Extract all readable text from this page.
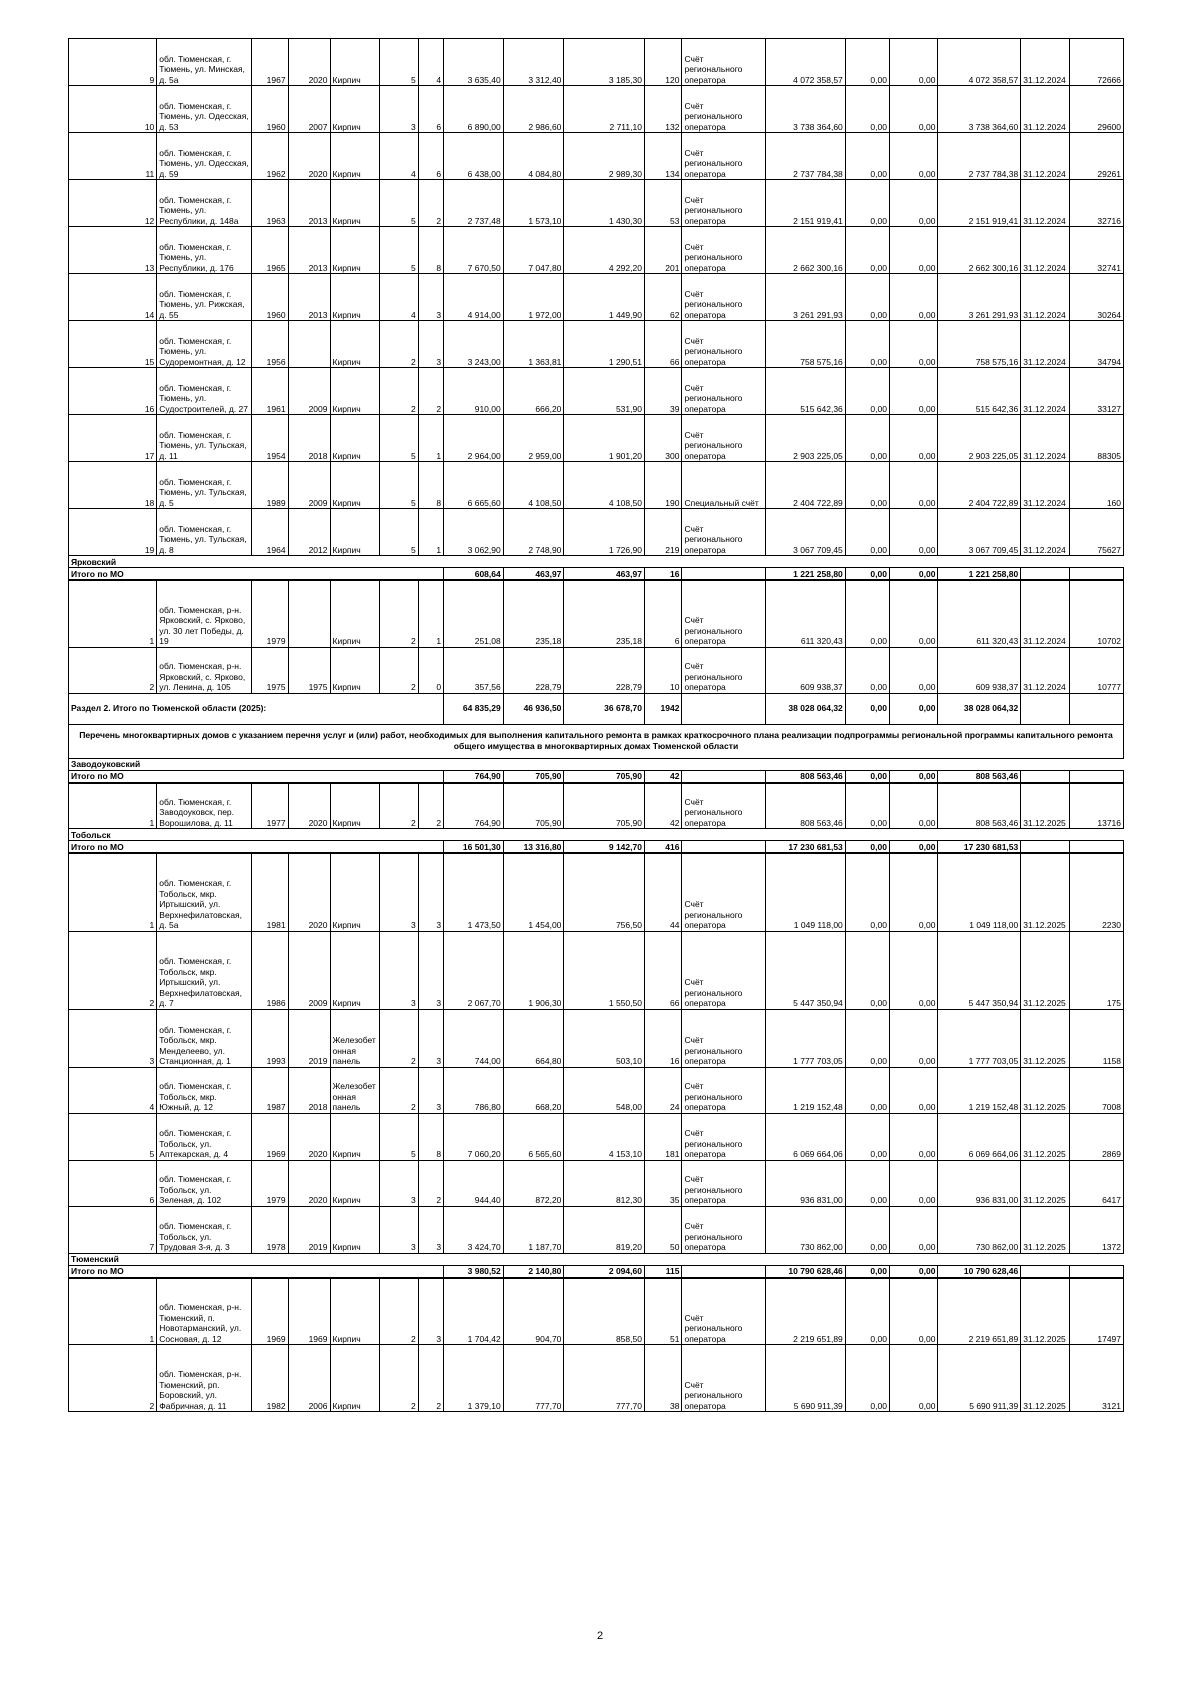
9	обл. Тюменская, г. Тюмень, ул. Минская, д. 5а	1967	2020	Кирпич	5	4	3 635,40	3 312,40	3 185,30	120	Счёт регионального оператора	4 072 358,57	0,00	0,00	4 072 358,57	31.12.2024	72666
10	обл. Тюменская, г. Тюмень, ул. Одесская, д. 53	1960	2007	Кирпич	3	6	6 890,00	2 986,60	2 711,10	132	Счёт регионального оператора	3 738 364,60	0,00	0,00	3 738 364,60	31.12.2024	29600
11	обл. Тюменская, г. Тюмень, ул. Одесская, д. 59	1962	2020	Кирпич	4	6	6 438,00	4 084,80	2 989,30	134	Счёт регионального оператора	2 737 784,38	0,00	0,00	2 737 784,38	31.12.2024	29261
12	обл. Тюменская, г. Тюмень, ул. Республики, д. 148а	1963	2013	Кирпич	5	2	2 737,48	1 573,10	1 430,30	53	Счёт регионального оператора	2 151 919,41	0,00	0,00	2 151 919,41	31.12.2024	32716
13	обл. Тюменская, г. Тюмень, ул. Республики, д. 176	1965	2013	Кирпич	5	8	7 670,50	7 047,80	4 292,20	201	Счёт регионального оператора	2 662 300,16	0,00	0,00	2 662 300,16	31.12.2024	32741
14	обл. Тюменская, г. Тюмень, ул. Рижская, д. 55	1960	2013	Кирпич	4	3	4 914,00	1 972,00	1 449,90	62	Счёт регионального оператора	3 261 291,93	0,00	0,00	3 261 291,93	31.12.2024	30264
15	обл. Тюменская, г. Тюмень, ул. Судоремонтная, д. 12	1956		Кирпич	2	3	3 243,00	1 363,81	1 290,51	66	Счёт регионального оператора	758 575,16	0,00	0,00	758 575,16	31.12.2024	34794
16	обл. Тюменская, г. Тюмень, ул. Судостроителей, д. 27	1961	2009	Кирпич	2	2	910,00	666,20	531,90	39	Счёт регионального оператора	515 642,36	0,00	0,00	515 642,36	31.12.2024	33127
17	обл. Тюменская, г. Тюмень, ул. Тульская, д. 11	1954	2018	Кирпич	5	1	2 964,00	2 959,00	1 901,20	300	Счёт регионального оператора	2 903 225,05	0,00	0,00	2 903 225,05	31.12.2024	88305
18	обл. Тюменская, г. Тюмень, ул. Тульская, д. 5	1989	2009	Кирпич	5	8	6 665,60	4 108,50	4 108,50	190	Специальный счёт	2 404 722,89	0,00	0,00	2 404 722,89	31.12.2024	160
19	обл. Тюменская, г. Тюмень, ул. Тульская, д. 8	1964	2012	Кирпич	5	1	3 062,90	2 748,90	1 726,90	219	Счёт регионального оператора	3 067 709,45	0,00	0,00	3 067 709,45	31.12.2024	75627
Ярковский																	
Итого по МО							608,64	463,97	463,97	16		1 221 258,80	0,00	0,00	1 221 258,80		
1	обл. Тюменская, р-н. Ярковский, с. Ярково, ул. 30 лет Победы, д. 19	1979		Кирпич	2	1	251,08	235,18	235,18	6	Счёт регионального оператора	611 320,43	0,00	0,00	611 320,43	31.12.2024	10702
2	обл. Тюменская, р-н. Ярковский, с. Ярково, ул. Ленина, д. 105	1975	1975	Кирпич	2	0	357,56	228,79	228,79	10	Счёт регионального оператора	609 938,37	0,00	0,00	609 938,37	31.12.2024	10777
Раздел 2. Итого по Тюменской области (2025):							64 835,29	46 936,50	36 678,70	1942		38 028 064,32	0,00	0,00	38 028 064,32		
Перечень многоквартирных домов с указанием перечня услуг и (или) работ, необходимых для выполнения капитального ремонта в рамках краткосрочного плана реализации подпрограммы региональной программы капитального ремонта общего имущества в многоквартирных домах Тюменской области																	
Заводоуковский																	
Итого по МО							764,90	705,90	705,90	42		808 563,46	0,00	0,00	808 563,46		
1	обл. Тюменская, г. Заводоуковск, пер. Ворошилова, д. 11	1977	2020	Кирпич	2	2	764,90	705,90	705,90	42	Счёт регионального оператора	808 563,46	0,00	0,00	808 563,46	31.12.2025	13716
Тобольск																	
Итого по МО							16 501,30	13 316,80	9 142,70	416		17 230 681,53	0,00	0,00	17 230 681,53		
1	обл. Тюменская, г. Тобольск, мкр. Иртышский, ул. Верхнефилатовская, д. 5а	1981	2020	Кирпич	3	3	1 473,50	1 454,00	756,50	44	Счёт регионального оператора	1 049 118,00	0,00	0,00	1 049 118,00	31.12.2025	2230
2	обл. Тюменская, г. Тобольск, мкр. Иртышский, ул. Верхнефилатовская, д. 7	1986	2009	Кирпич	3	3	2 067,70	1 906,30	1 550,50	66	Счёт регионального оператора	5 447 350,94	0,00	0,00	5 447 350,94	31.12.2025	175
3	обл. Тюменская, г. Тобольск, мкр. Менделеево, ул. Станционная, д. 1	1993	2019	Железобетонная панель	2	3	744,00	664,80	503,10	16	Счёт регионального оператора	1 777 703,05	0,00	0,00	1 777 703,05	31.12.2025	1158
4	обл. Тюменская, г. Тобольск, мкр. Южный, д. 12	1987	2018	Железобетонная панель	2	3	786,80	668,20	548,00	24	Счёт регионального оператора	1 219 152,48	0,00	0,00	1 219 152,48	31.12.2025	7008
5	обл. Тюменская, г. Тобольск, ул. Аптекарская, д. 4	1969	2020	Кирпич	5	8	7 060,20	6 565,60	4 153,10	181	Счёт регионального оператора	6 069 664,06	0,00	0,00	6 069 664,06	31.12.2025	2869
6	обл. Тюменская, г. Тобольск, ул. Зеленая, д. 102	1979	2020	Кирпич	3	2	944,40	872,20	812,30	35	Счёт регионального оператора	936 831,00	0,00	0,00	936 831,00	31.12.2025	6417
7	обл. Тюменская, г. Тобольск, ул. Трудовая 3-я, д. 3	1978	2019	Кирпич	3	3	3 424,70	1 187,70	819,20	50	Счёт регионального оператора	730 862,00	0,00	0,00	730 862,00	31.12.2025	1372
Тюменский																	
Итого по МО							3 980,52	2 140,80	2 094,60	115		10 790 628,46	0,00	0,00	10 790 628,46		
1	обл. Тюменская, р-н. Тюменский, п. Новотарманский, ул. Сосновая, д. 12	1969	1969	Кирпич	2	3	1 704,42	904,70	858,50	51	Счёт регионального оператора	2 219 651,89	0,00	0,00	2 219 651,89	31.12.2025	17497
2	обл. Тюменская, р-н. Тюменский, рп. Боровский, ул. Фабричная, д. 11	1982	2006	Кирпич	2	2	1 379,10	777,70	777,70	38	Счёт регионального оператора	5 690 911,39	0,00	0,00	5 690 911,39	31.12.2025	3121
2
